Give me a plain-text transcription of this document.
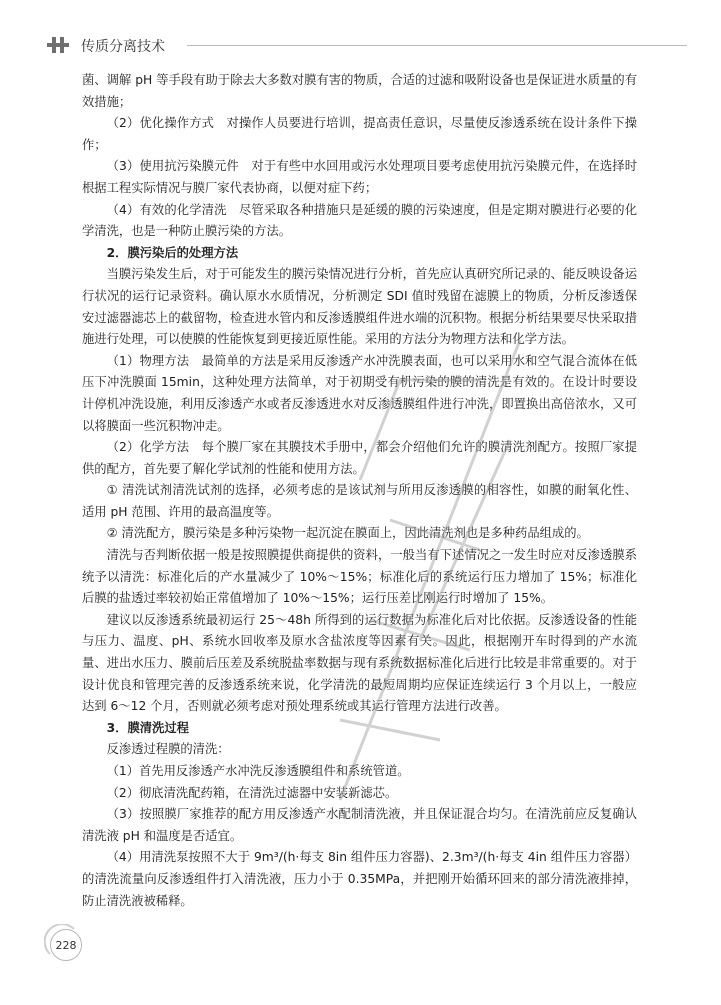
传质分离技术

菌、调解 pH 等手段有助于除去大多数对膜有害的物质，合适的过滤和吸附设备也是保证进水质量的有效措施；

（2）优化操作方式　对操作人员要进行培训，提高责任意识，尽量使反渗透系统在设计条件下操作；

（3）使用抗污染膜元件　对于有些中水回用或污水处理项目要考虑使用抗污染膜元件，在选择时根据工程实际情况与膜厂家代表协商，以便对症下药；

（4）有效的化学清洗　尽管采取各种措施只是延缓的膜的污染速度，但是定期对膜进行必要的化学清洗，也是一种防止膜污染的方法。

2．膜污染后的处理方法

当膜污染发生后，对于可能发生的膜污染情况进行分析，首先应认真研究所记录的、能反映设备运行状况的运行记录资料。确认原水水质情况，分析测定 SDI 值时残留在滤膜上的物质，分析反渗透保安过滤器滤芯上的截留物，检查进水管内和反渗透膜组件进水端的沉积物。根据分析结果要尽快采取措施进行处理，可以使膜的性能恢复到更接近原性能。采用的方法分为物理方法和化学方法。

（1）物理方法　最简单的方法是采用反渗透产水冲洗膜表面，也可以采用水和空气混合流体在低压下冲洗膜面 15min，这种处理方法简单，对于初期受有机污染的膜的清洗是有效的。在设计时要设计停机冲洗设施，利用反渗透产水或者反渗透进水对反渗透膜组件进行冲洗，即置换出高倍浓水，又可以将膜面一些沉积物冲走。

（2）化学方法　每个膜厂家在其膜技术手册中，都会介绍他们允许的膜清洗剂配方。按照厂家提供的配方，首先要了解化学试剂的性能和使用方法。

① 清洗试剂清洗试剂的选择，必须考虑的是该试剂与所用反渗透膜的相容性，如膜的耐氧化性、适用 pH 范围、许用的最高温度等。

② 清洗配方，膜污染是多种污染物一起沉淀在膜面上，因此清洗剂也是多种药品组成的。

清洗与否判断依据一般是按照膜提供商提供的资料，一般当有下述情况之一发生时应对反渗透膜系统予以清洗：标准化后的产水量减少了 10%～15%；标准化后的系统运行压力增加了 15%；标准化后膜的盐透过率较初始正常值增加了 10%～15%；运行压差比刚运行时增加了 15%。

建议以反渗透系统最初运行 25～48h 所得到的运行数据为标准化后对比依据。反渗透设备的性能与压力、温度、pH、系统水回收率及原水含盐浓度等因素有关。因此，根据刚开车时得到的产水流量、进出水压力、膜前后压差及系统脱盐率数据与现有系统数据标准化后进行比较是非常重要的。对于设计优良和管理完善的反渗透系统来说，化学清洗的最短周期均应保证连续运行 3 个月以上，一般应达到 6～12 个月，否则就必须考虑对预处理系统或其运行管理方法进行改善。

3．膜清洗过程

反渗透过程膜的清洗：

（1）首先用反渗透产水冲洗反渗透膜组件和系统管道。

（2）彻底清洗配药箱，在清洗过滤器中安装新滤芯。

（3）按照膜厂家推荐的配方用反渗透产水配制清洗液，并且保证混合均匀。在清洗前应反复确认清洗液 pH 和温度是否适宜。

（4）用清洗泵按照不大于 9m³/(h·每支 8in 组件压力容器)、2.3m³/(h·每支 4in 组件压力容器）的清洗流量向反渗透组件打入清洗液，压力小于 0.35MPa，并把刚开始循环回来的部分清洗液排掉，防止清洗液被稀释。

228
